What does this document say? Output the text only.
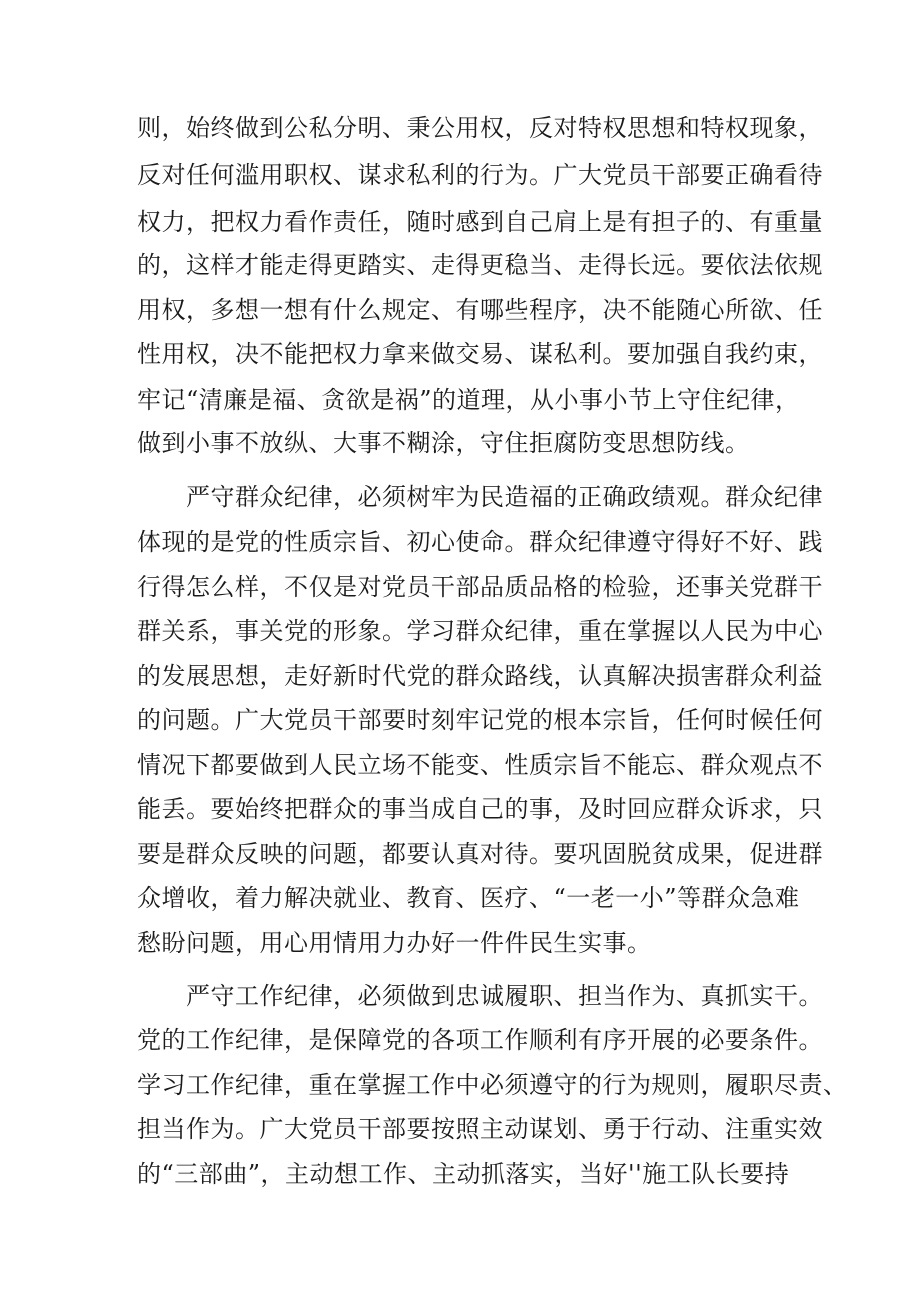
则，始终做到公私分明、秉公用权，反对特权思想和特权现象，
反对任何滥用职权、谋求私利的行为。广大党员干部要正确看待
权力，把权力看作责任，随时感到自己肩上是有担子的、有重量
的，这样才能走得更踏实、走得更稳当、走得长远。要依法依规
用权，多想一想有什么规定、有哪些程序，决不能随心所欲、任
性用权，决不能把权力拿来做交易、谋私利。要加强自我约束，
牢记“清廉是福、贪欲是祸”的道理，从小事小节上守住纪律，
做到小事不放纵、大事不糊涂，守住拒腐防变思想防线。
严守群众纪律，必须树牢为民造福的正确政绩观。群众纪律
体现的是党的性质宗旨、初心使命。群众纪律遵守得好不好、践
行得怎么样，不仅是对党员干部品质品格的检验，还事关党群干
群关系，事关党的形象。学习群众纪律，重在掌握以人民为中心
的发展思想，走好新时代党的群众路线，认真解决损害群众利益
的问题。广大党员干部要时刻牢记党的根本宗旨，任何时候任何
情况下都要做到人民立场不能变、性质宗旨不能忘、群众观点不
能丢。要始终把群众的事当成自己的事，及时回应群众诉求，只
要是群众反映的问题，都要认真对待。要巩固脱贫成果，促进群
众增收，着力解决就业、教育、医疗、“一老一小”等群众急难
愁盼问题，用心用情用力办好一件件民生实事。
严守工作纪律，必须做到忠诚履职、担当作为、真抓实干。
党的工作纪律，是保障党的各项工作顺利有序开展的必要条件。
学习工作纪律，重在掌握工作中必须遵守的行为规则，履职尽责、
担当作为。广大党员干部要按照主动谋划、勇于行动、注重实效
的“三部曲”，主动想工作、主动抓落实，当好''施工队长要持
